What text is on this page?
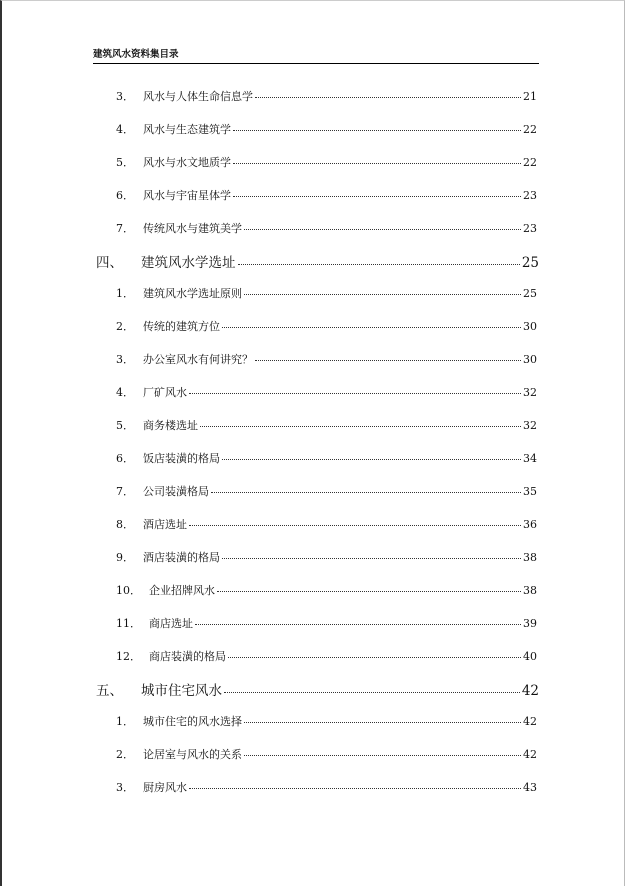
建筑风水资料集目录
3． 风水与人体生命信息学	21
4． 风水与生态建筑学	22
5． 风水与水文地质学	22
6． 风水与宇宙星体学	23
7． 传统风水与建筑美学	23
四、	建筑风水学选址	25
1． 建筑风水学选址原则	25
2． 传统的建筑方位	30
3． 办公室风水有何讲究？	30
4． 厂矿风水	32
5． 商务楼选址	32
6． 饭店装潢的格局	34
7． 公司装潢格局	35
8． 酒店选址	36
9． 酒店装潢的格局	38
10． 企业招牌风水	38
11． 商店选址	39
12． 商店装潢的格局	40
五、	城市住宅风水	42
1． 城市住宅的风水选择	42
2． 论居室与风水的关系	42
3． 厨房风水	43
